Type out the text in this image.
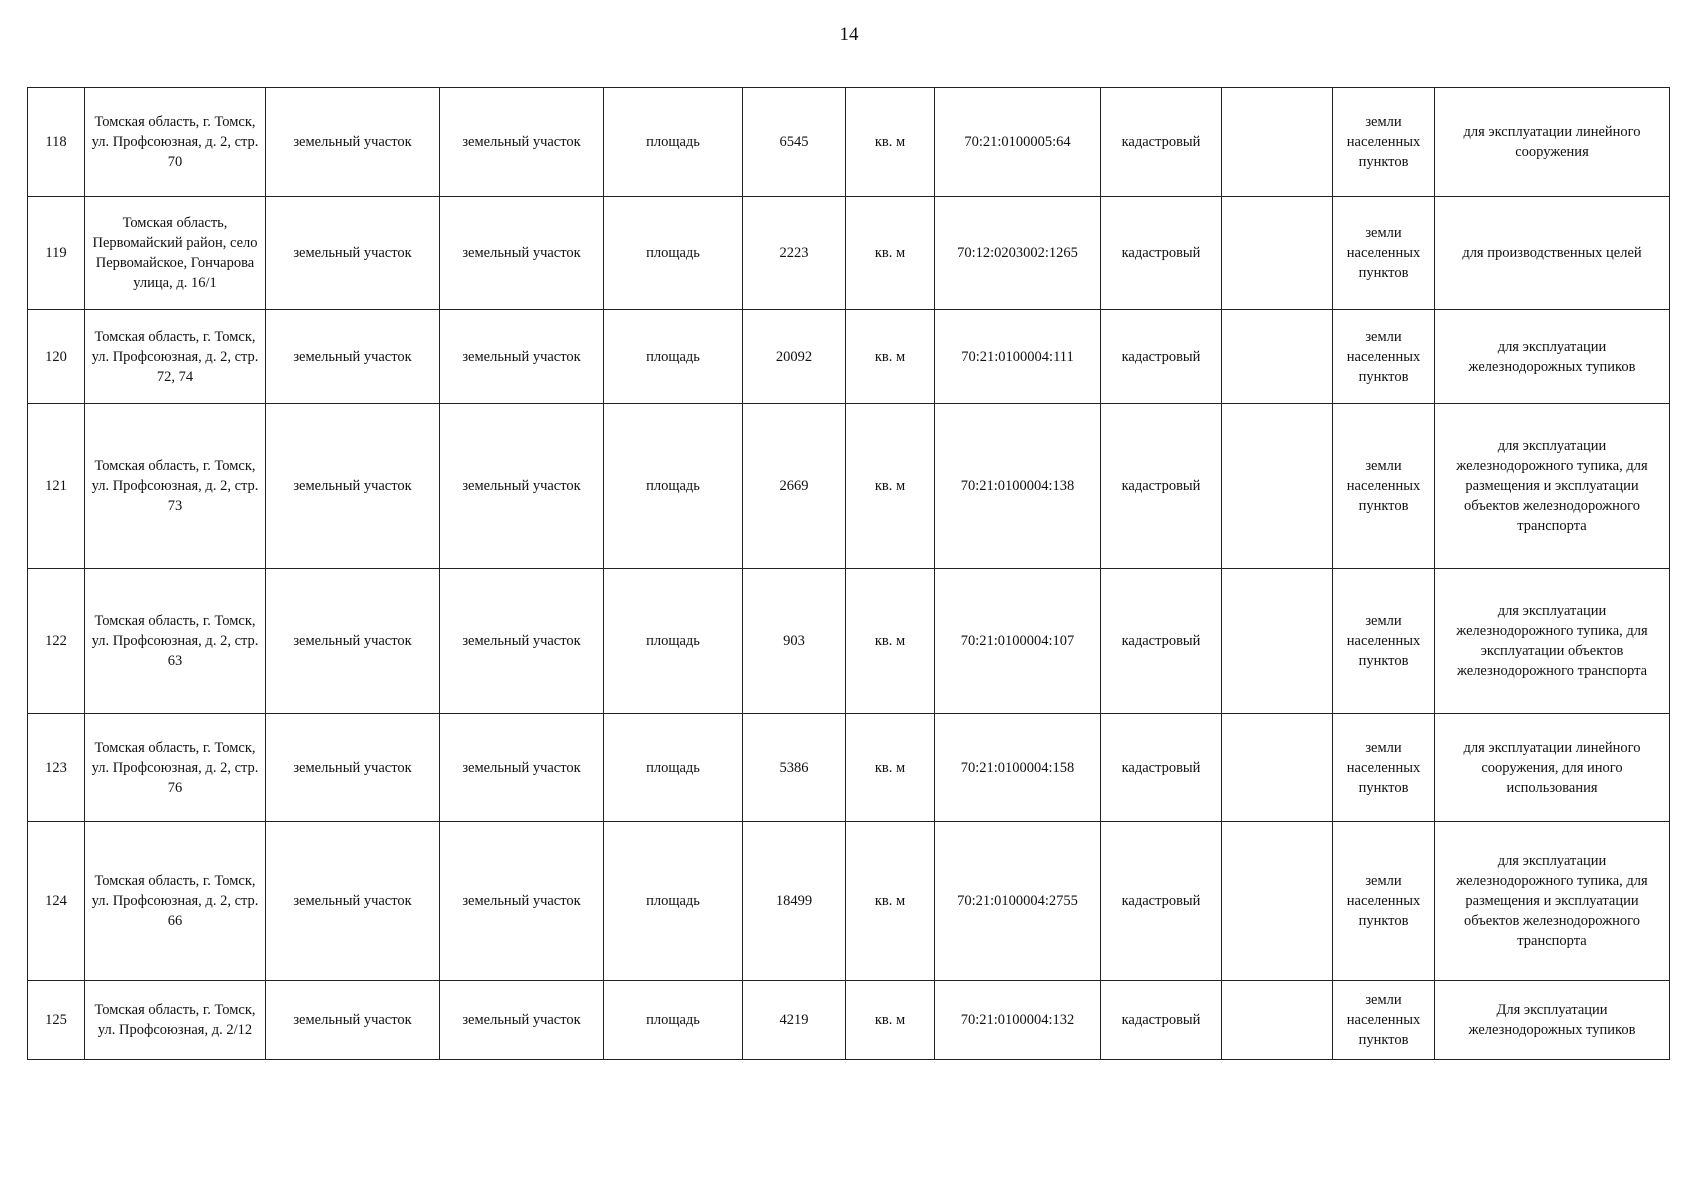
14
118	Томская область, г. Томск, ул. Профсоюзная, д. 2, стр. 70	земельный участок	земельный участок	площадь	6545	кв. м	70:21:0100005:64	кадастровый		земли населенных пунктов	для эксплуатации линейного сооружения
119	Томская область, Первомайский район, село Первомайское, Гончарова улица, д. 16/1	земельный участок	земельный участок	площадь	2223	кв. м	70:12:0203002:1265	кадастровый		земли населенных пунктов	для производственных целей
120	Томская область, г. Томск, ул. Профсоюзная, д. 2, стр. 72, 74	земельный участок	земельный участок	площадь	20092	кв. м	70:21:0100004:111	кадастровый		земли населенных пунктов	для эксплуатации железнодорожных тупиков
121	Томская область, г. Томск, ул. Профсоюзная, д. 2, стр. 73	земельный участок	земельный участок	площадь	2669	кв. м	70:21:0100004:138	кадастровый		земли населенных пунктов	для эксплуатации железнодорожного тупика, для размещения и эксплуатации объектов железнодорожного транспорта
122	Томская область, г. Томск, ул. Профсоюзная, д. 2, стр. 63	земельный участок	земельный участок	площадь	903	кв. м	70:21:0100004:107	кадастровый		земли населенных пунктов	для эксплуатации железнодорожного тупика, для эксплуатации объектов железнодорожного транспорта
123	Томская область, г. Томск, ул. Профсоюзная, д. 2, стр. 76	земельный участок	земельный участок	площадь	5386	кв. м	70:21:0100004:158	кадастровый		земли населенных пунктов	для эксплуатации линейного сооружения, для иного использования
124	Томская область, г. Томск, ул. Профсоюзная, д. 2, стр. 66	земельный участок	земельный участок	площадь	18499	кв. м	70:21:0100004:2755	кадастровый		земли населенных пунктов	для эксплуатации железнодорожного тупика, для размещения и эксплуатации объектов железнодорожного транспорта
125	Томская область, г. Томск, ул. Профсоюзная, д. 2/12	земельный участок	земельный участок	площадь	4219	кв. м	70:21:0100004:132	кадастровый		земли населенных пунктов	Для эксплуатации железнодорожных тупиков
